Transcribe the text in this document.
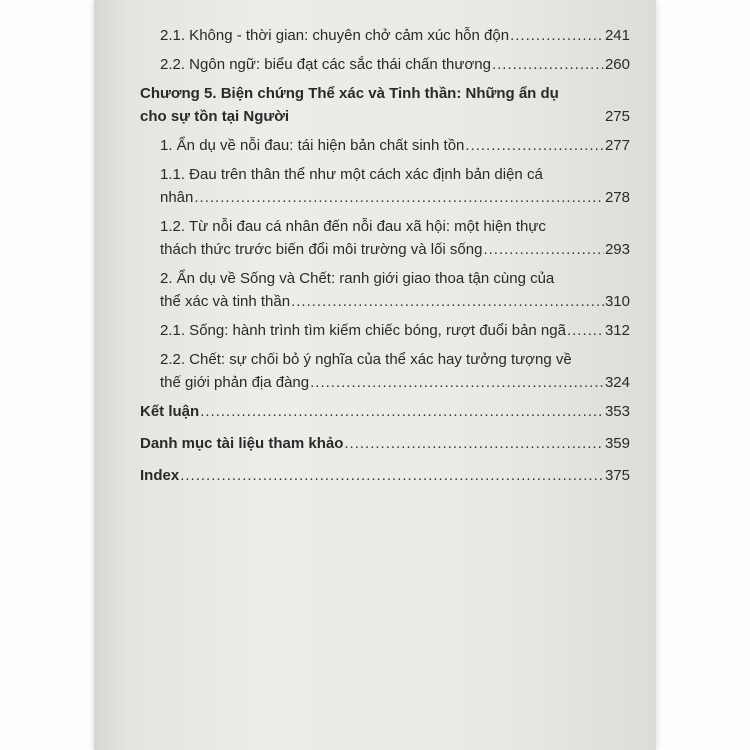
2.1. Không - thời gian: chuyên chở cảm xúc hỗn độn .....	241
2.2. Ngôn ngữ: biểu đạt các sắc thái chấn thương .....	260
Chương 5. Biện chứng Thể xác và Tinh thần: Những ẩn dụ
cho sự tồn tại Người	275
1. Ẩn dụ về nỗi đau: tái hiện bản chất sinh tồn .....	277
1.1. Đau trên thân thể như một cách xác định bản diện cá
nhân .....	278
1.2. Từ nỗi đau cá nhân đến nỗi đau xã hội: một hiện thực
thách thức trước biến đổi môi trường và lối sống .....	293
2. Ẩn dụ về Sống và Chết: ranh giới giao thoa tận cùng của
thể xác và tinh thần .....	310
2.1. Sống: hành trình tìm kiếm chiếc bóng, rượt đuổi bản ngã .....	312
2.2. Chết: sự chối bỏ ý nghĩa của thể xác hay tưởng tượng về
thế giới phản địa đàng .....	324
Kết luận .....	353
Danh mục tài liệu tham khảo .....	359
Index .....	375
